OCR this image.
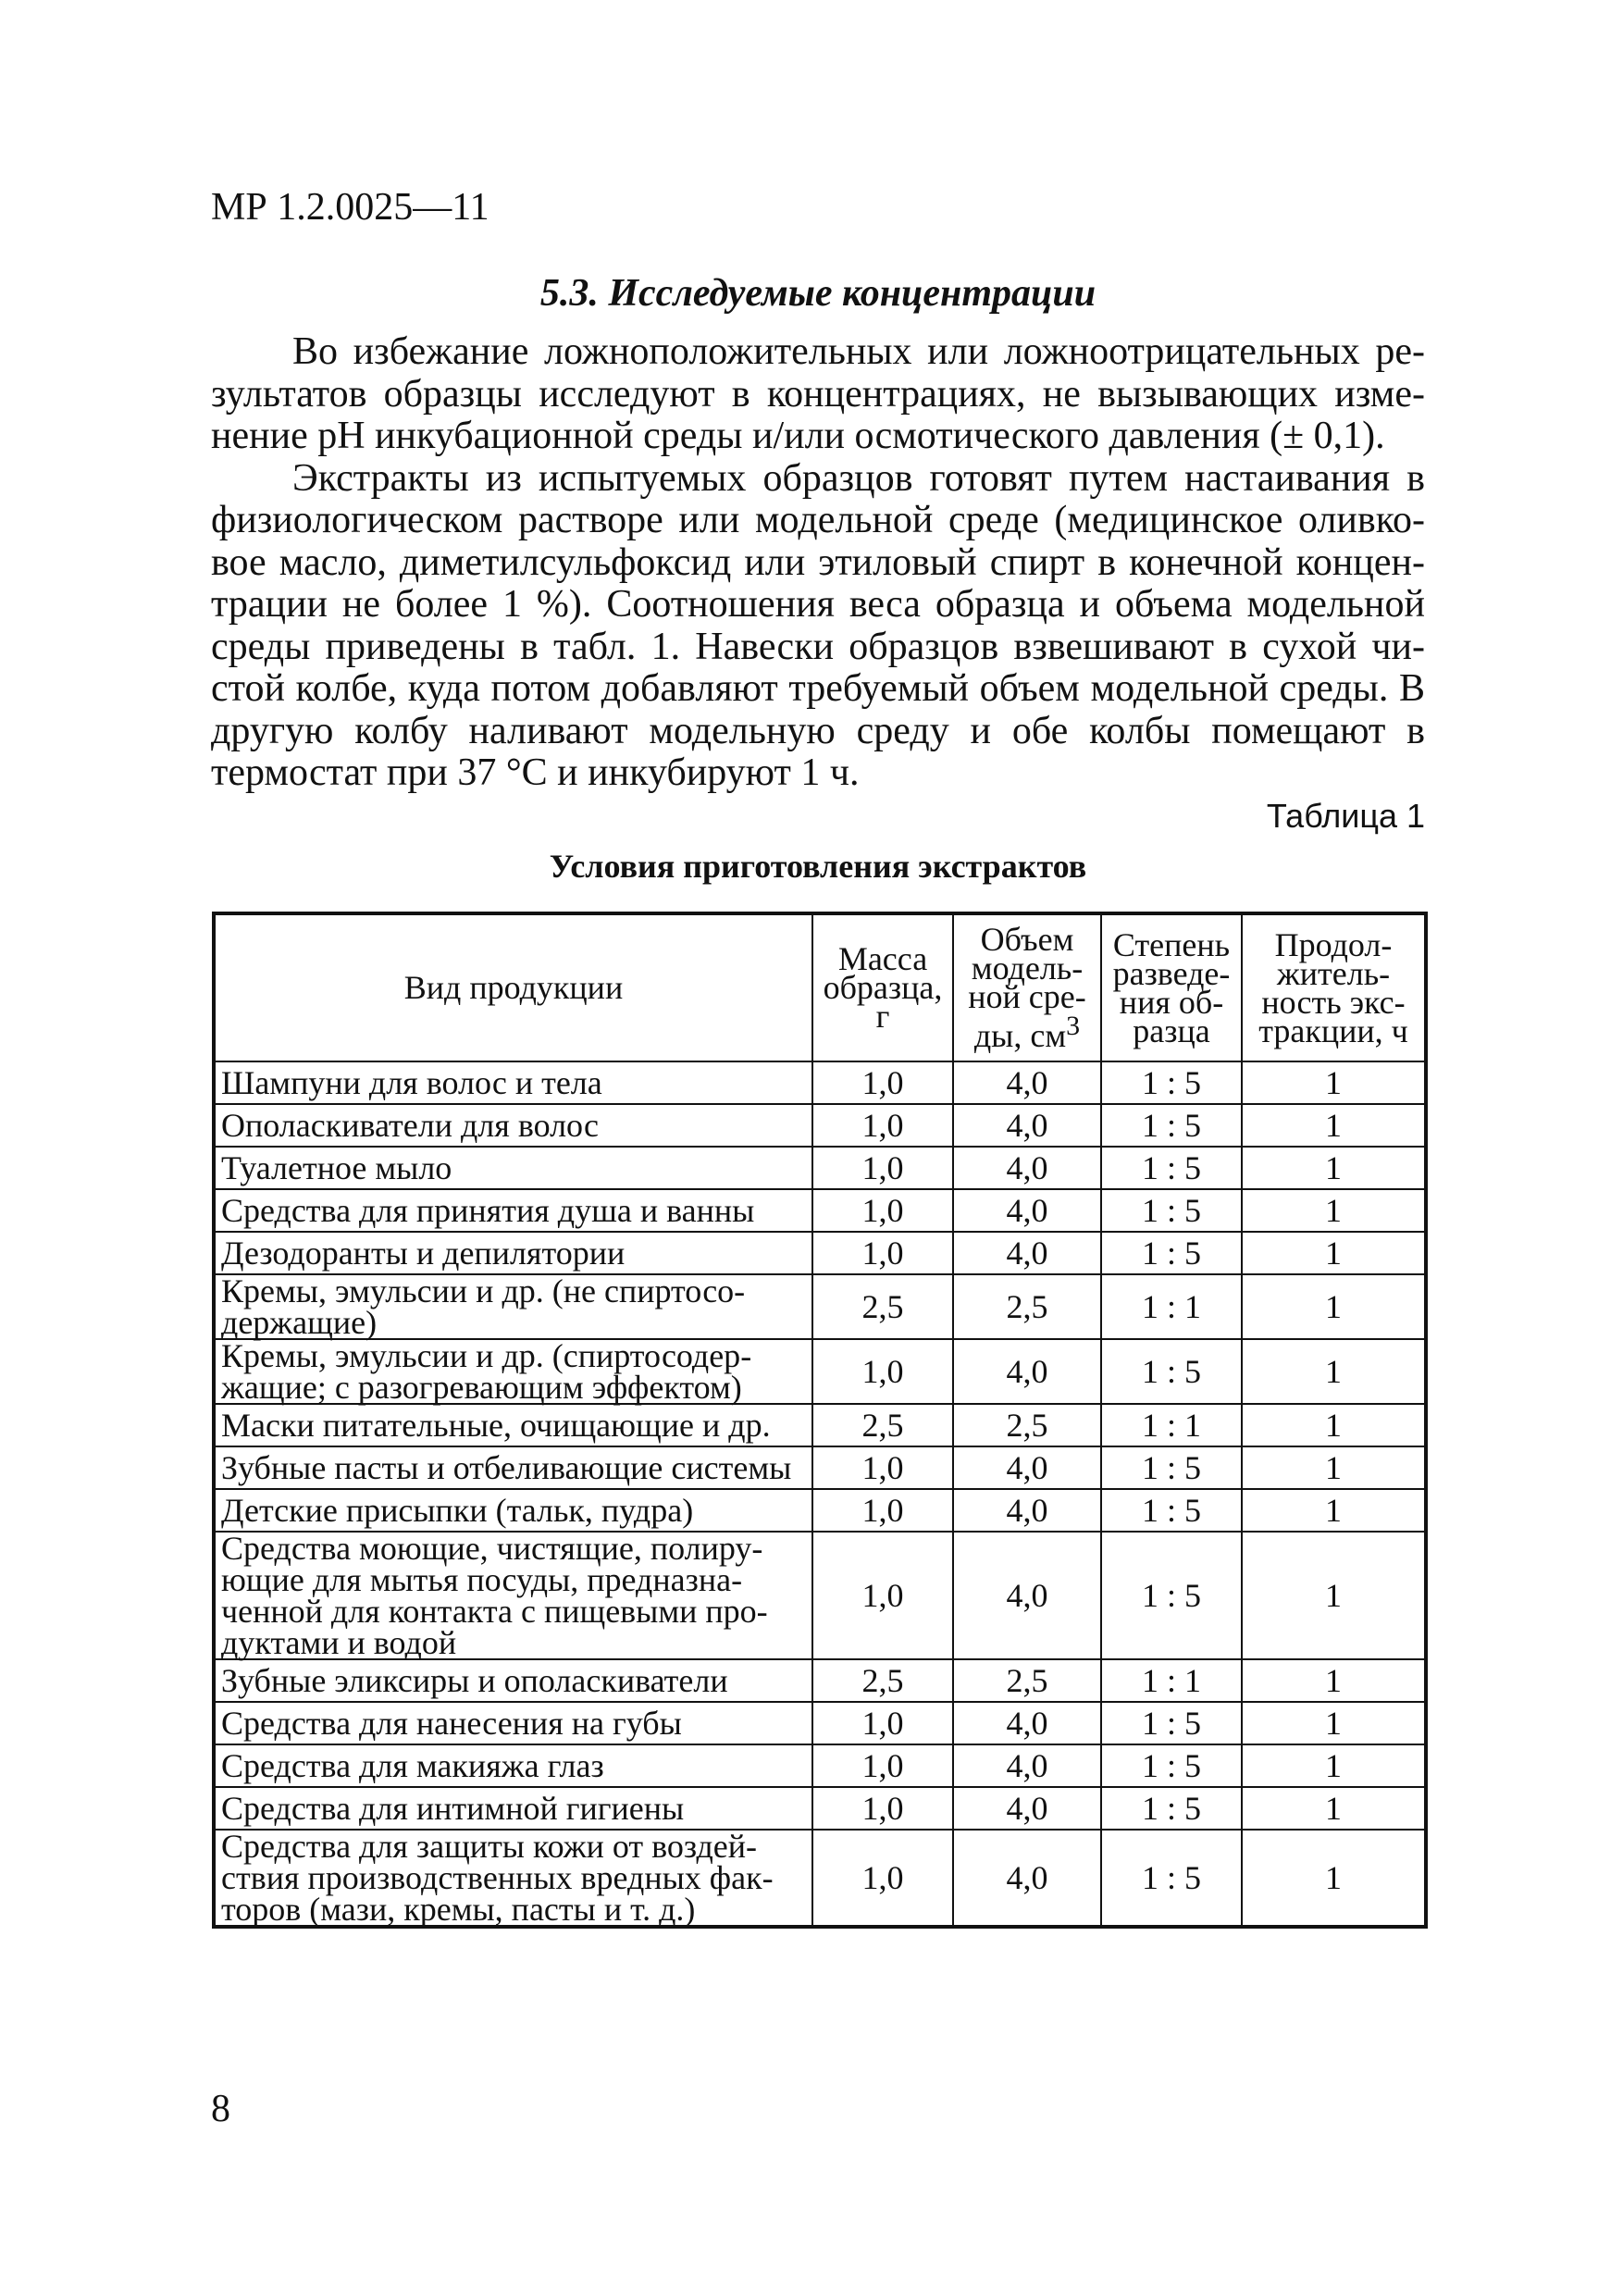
МР 1.2.0025—11
5.3. Исследуемые концентрации

Во избежание ложноположительных или ложноотрицательных результатов образцы исследуют в концентрациях, не вызывающих изменение pH инкубационной среды и/или осмотического давления (± 0,1).

Экстракты из испытуемых образцов готовят путем настаивания в физиологическом растворе или модельной среде (медицинское оливковое масло, диметилсульфоксид или этиловый спирт в конечной концентрации не более 1 %). Соотношения веса образца и объема модельной среды приведены в табл. 1. Навески образцов взвешивают в сухой чистой колбе, куда потом добавляют требуемый объем модельной среды. В другую колбу наливают модельную среду и обе колбы помещают в термостат при 37 °С и инкубируют 1 ч.

Таблица 1
Условия приготовления экстрактов
Вид продукции	Масса образца, г	Объем модельной среды, $см^3$	Степень разведения образца	Продолжительность экстракции, ч
Шампуни для волос и тела	1,0	4,0	1 : 5	1
Ополаскиватели для волос	1,0	4,0	1 : 5	1
Туалетное мыло	1,0	4,0	1 : 5	1
Средства для принятия душа и ванны	1,0	4,0	1 : 5	1
Дезодоранты и депилятории	1,0	4,0	1 : 5	1
Кремы, эмульсии и др. (не спиртосодержащие)	2,5	2,5	1 : 1	1
Кремы, эмульсии и др. (спиртосодержащие; с разогревающим эффектом)	1,0	4,0	1 : 5	1
Маски питательные, очищающие и др.	2,5	2,5	1 : 1	1
Зубные пасты и отбеливающие системы	1,0	4,0	1 : 5	1
Детские присыпки (тальк, пудра)	1,0	4,0	1 : 5	1
Средства моющие, чистящие, полирующие для мытья посуды, предназначенной для контакта с пищевыми продуктами и водой	1,0	4,0	1 : 5	1
Зубные эликсиры и ополаскиватели	2,5	2,5	1 : 1	1
Средства для нанесения на губы	1,0	4,0	1 : 5	1
Средства для макияжа глаз	1,0	4,0	1 : 5	1
Средства для интимной гигиены	1,0	4,0	1 : 5	1
Средства для защиты кожи от воздействия производственных вредных факторов (мази, кремы, пасты и т. д.)	1,0	4,0	1 : 5	1
8
